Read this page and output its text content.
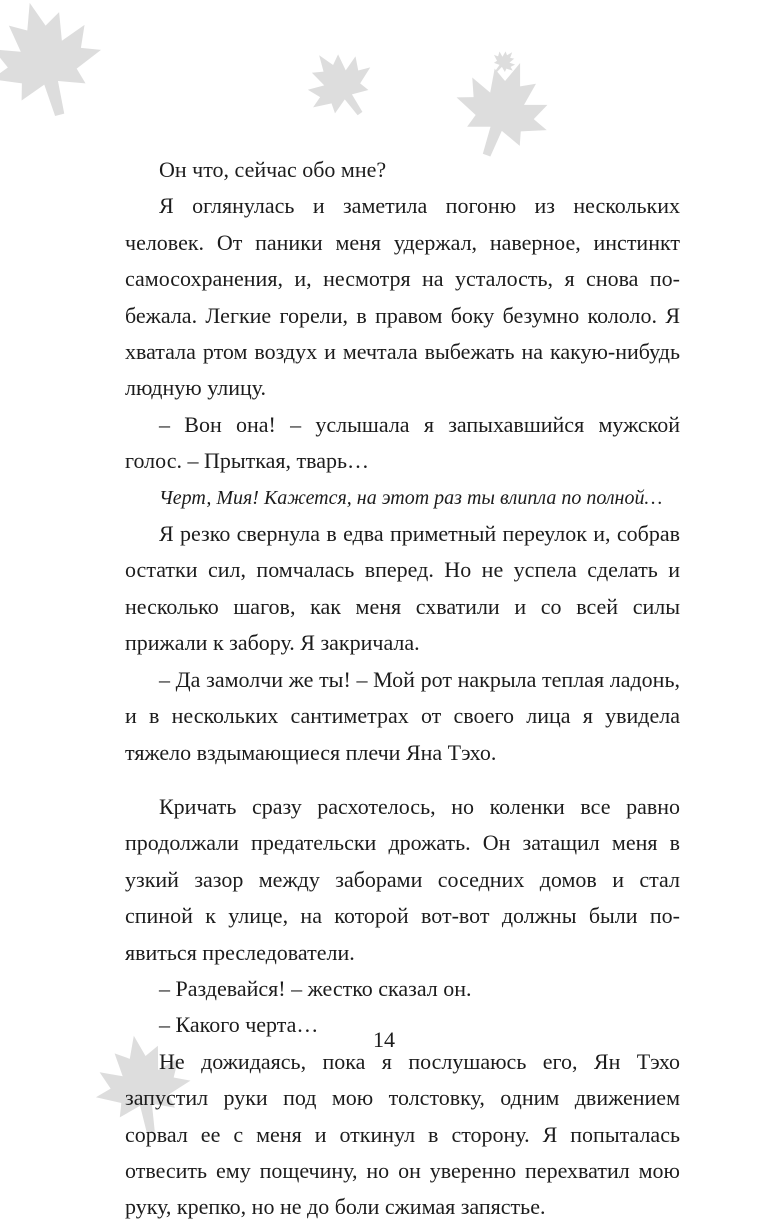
Он что, сейчас обо мне?

Я оглянулась и заметила погоню из нескольких человек. От паники меня удержал, наверное, инстинкт самосохранения, и, несмотря на усталость, я снова побежала. Легкие горели, в правом боку безумно кололо. Я хватала ртом воздух и мечтала выбежать на какую-нибудь людную улицу.

– Вон она! – услышала я запыхавшийся мужской голос. – Прыткая, тварь…

Черт, Мия! Кажется, на этот раз ты влипла по полной…

Я резко свернула в едва приметный переулок и, собрав остатки сил, помчалась вперед. Но не успела сделать и несколько шагов, как меня схватили и со всей силы прижали к забору. Я закричала.

– Да замолчи же ты! – Мой рот накрыла теплая ладонь, и в нескольких сантиметрах от своего лица я увидела тяжело вздымающиеся плечи Яна Тэхо.

Кричать сразу расхотелось, но коленки все равно продолжали предательски дрожать. Он затащил меня в узкий зазор между заборами соседних домов и стал спиной к улице, на которой вот-вот должны были появиться преследователи.

– Раздевайся! – жестко сказал он.

– Какого черта…

Не дожидаясь, пока я послушаюсь его, Ян Тэхо запустил руки под мою толстовку, одним движением сорвал ее с меня и откинул в сторону. Я попыталась отвесить ему пощечину, но он уверенно перехватил мою руку, крепко, но не до боли сжимая запястье.

14
